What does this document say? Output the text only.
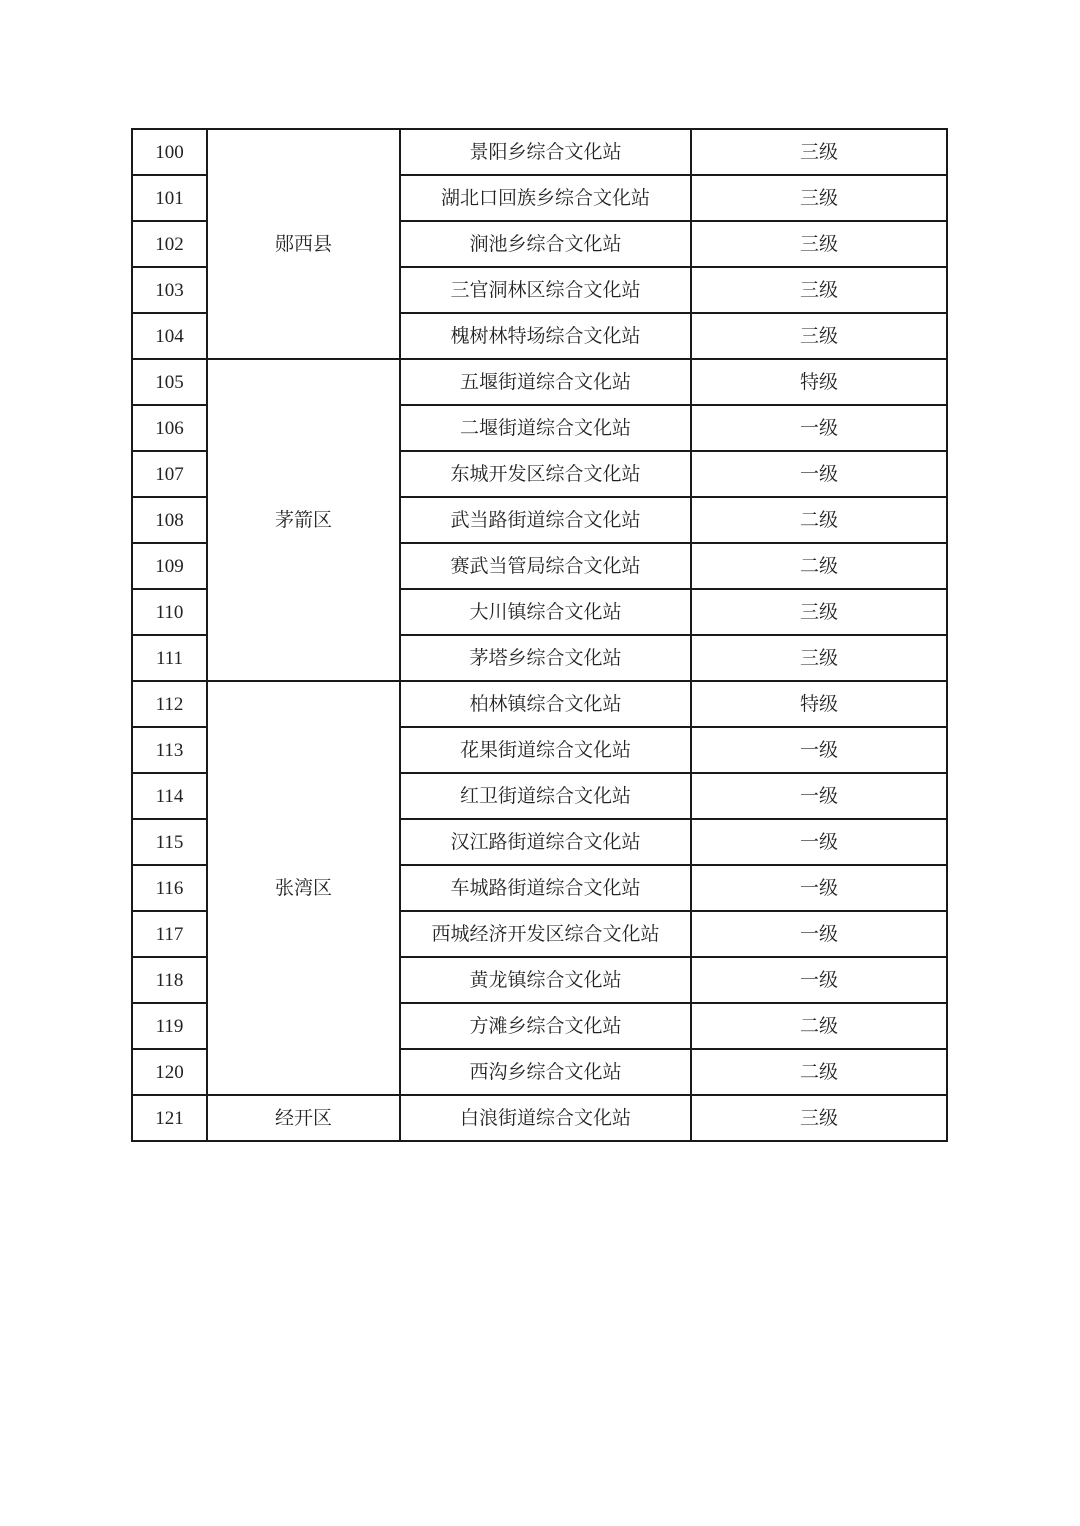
100	郧西县	景阳乡综合文化站	三级
101		湖北口回族乡综合文化站	三级
102		涧池乡综合文化站	三级
103		三官洞林区综合文化站	三级
104		槐树林特场综合文化站	三级
105	茅箭区	五堰街道综合文化站	特级
106		二堰街道综合文化站	一级
107		东城开发区综合文化站	一级
108		武当路街道综合文化站	二级
109		赛武当管局综合文化站	二级
110		大川镇综合文化站	三级
111		茅塔乡综合文化站	三级
112	张湾区	柏林镇综合文化站	特级
113		花果街道综合文化站	一级
114		红卫街道综合文化站	一级
115		汉江路街道综合文化站	一级
116		车城路街道综合文化站	一级
117		西城经济开发区综合文化站	一级
118		黄龙镇综合文化站	一级
119		方滩乡综合文化站	二级
120		西沟乡综合文化站	二级
121	经开区	白浪街道综合文化站	三级
